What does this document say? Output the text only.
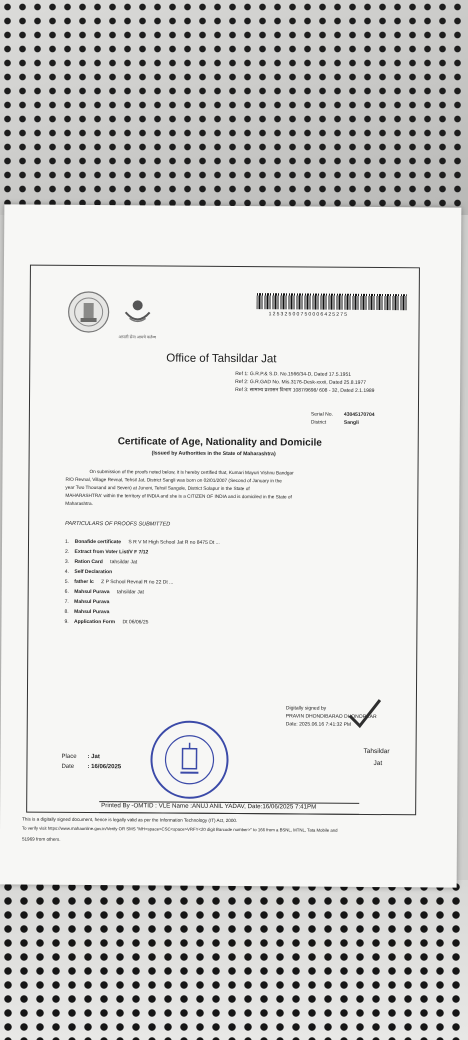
आपली सेवा आमचे कर्तव्य
12532500750006425275
Office of Tahsildar Jat
Ref 1: G.R.P.& S.D. No.1566/34-D, Dated 17.5.1951
Ref 2: G.R.GAD No. Mis.3176-Desk-xxxii, Dated 25.8.1977
Ref 3: सामान्य प्रशासन विभाग 1087/9698/ 608 - 32, Dated 2.1.1989
Serial No. 43045170704
District	Sangli
Certificate of Age, Nationality and Domicile
(Issued by Authorities in the State of Maharashtra)
On submission of the proofs noted below, it is hereby certified that, Kumari Mayuri Vishnu Bandgar
R/O Revnal, Village Revnal, Tehsil Jat, District Sangli was born on 02/01/2007 (Second of January in the
year Two Thousand and Seven) at Junoni, Tehsil Sangole, District Solapur in the State of
MAHARASHTRA' within the territory of INDIA and she is a CITIZEN OF INDIA and is domiciled in the State of
Maharashtra.
PARTICULARS OF PROOFS SUBMITTED
1. Bonafide certificate S R V M High School Jat R no 8475 Dt ...
2. Extract from Voter List/V F 7/12
3. Ration Card tahsildar Jat
4. Self Declaration
5. father lc Z P School Revnal R no 22 Dt ...
6. Mahsul Purava tahsildar Jat
7. Mahsul Purava
8. Mahsul Purava
9. Application Form Dt 06/06/25
Digitally signed by
PRAVIN DHONDIBARAO DHONORKAR
Date: 2025.06.16 7:41:32 PM
Place : Jat
Date : 16/06/2025
Tahsildar
Jat
Printed By -OMTID : VLE Name :ANUJ ANIL YADAV, Date:16/06/2025 7:41PM
This is a digitally signed document, hence is legally valid as per the Information Technology (IT) Act, 2000.
To verify visit https://www.mahaonline.gov.in/Verify OR SMS "MH<space>CSC<space>VRFY<20 digit Barcode number>" to 166 from a BSNL, MTNL, Tata Mobile and
51969 from others.
